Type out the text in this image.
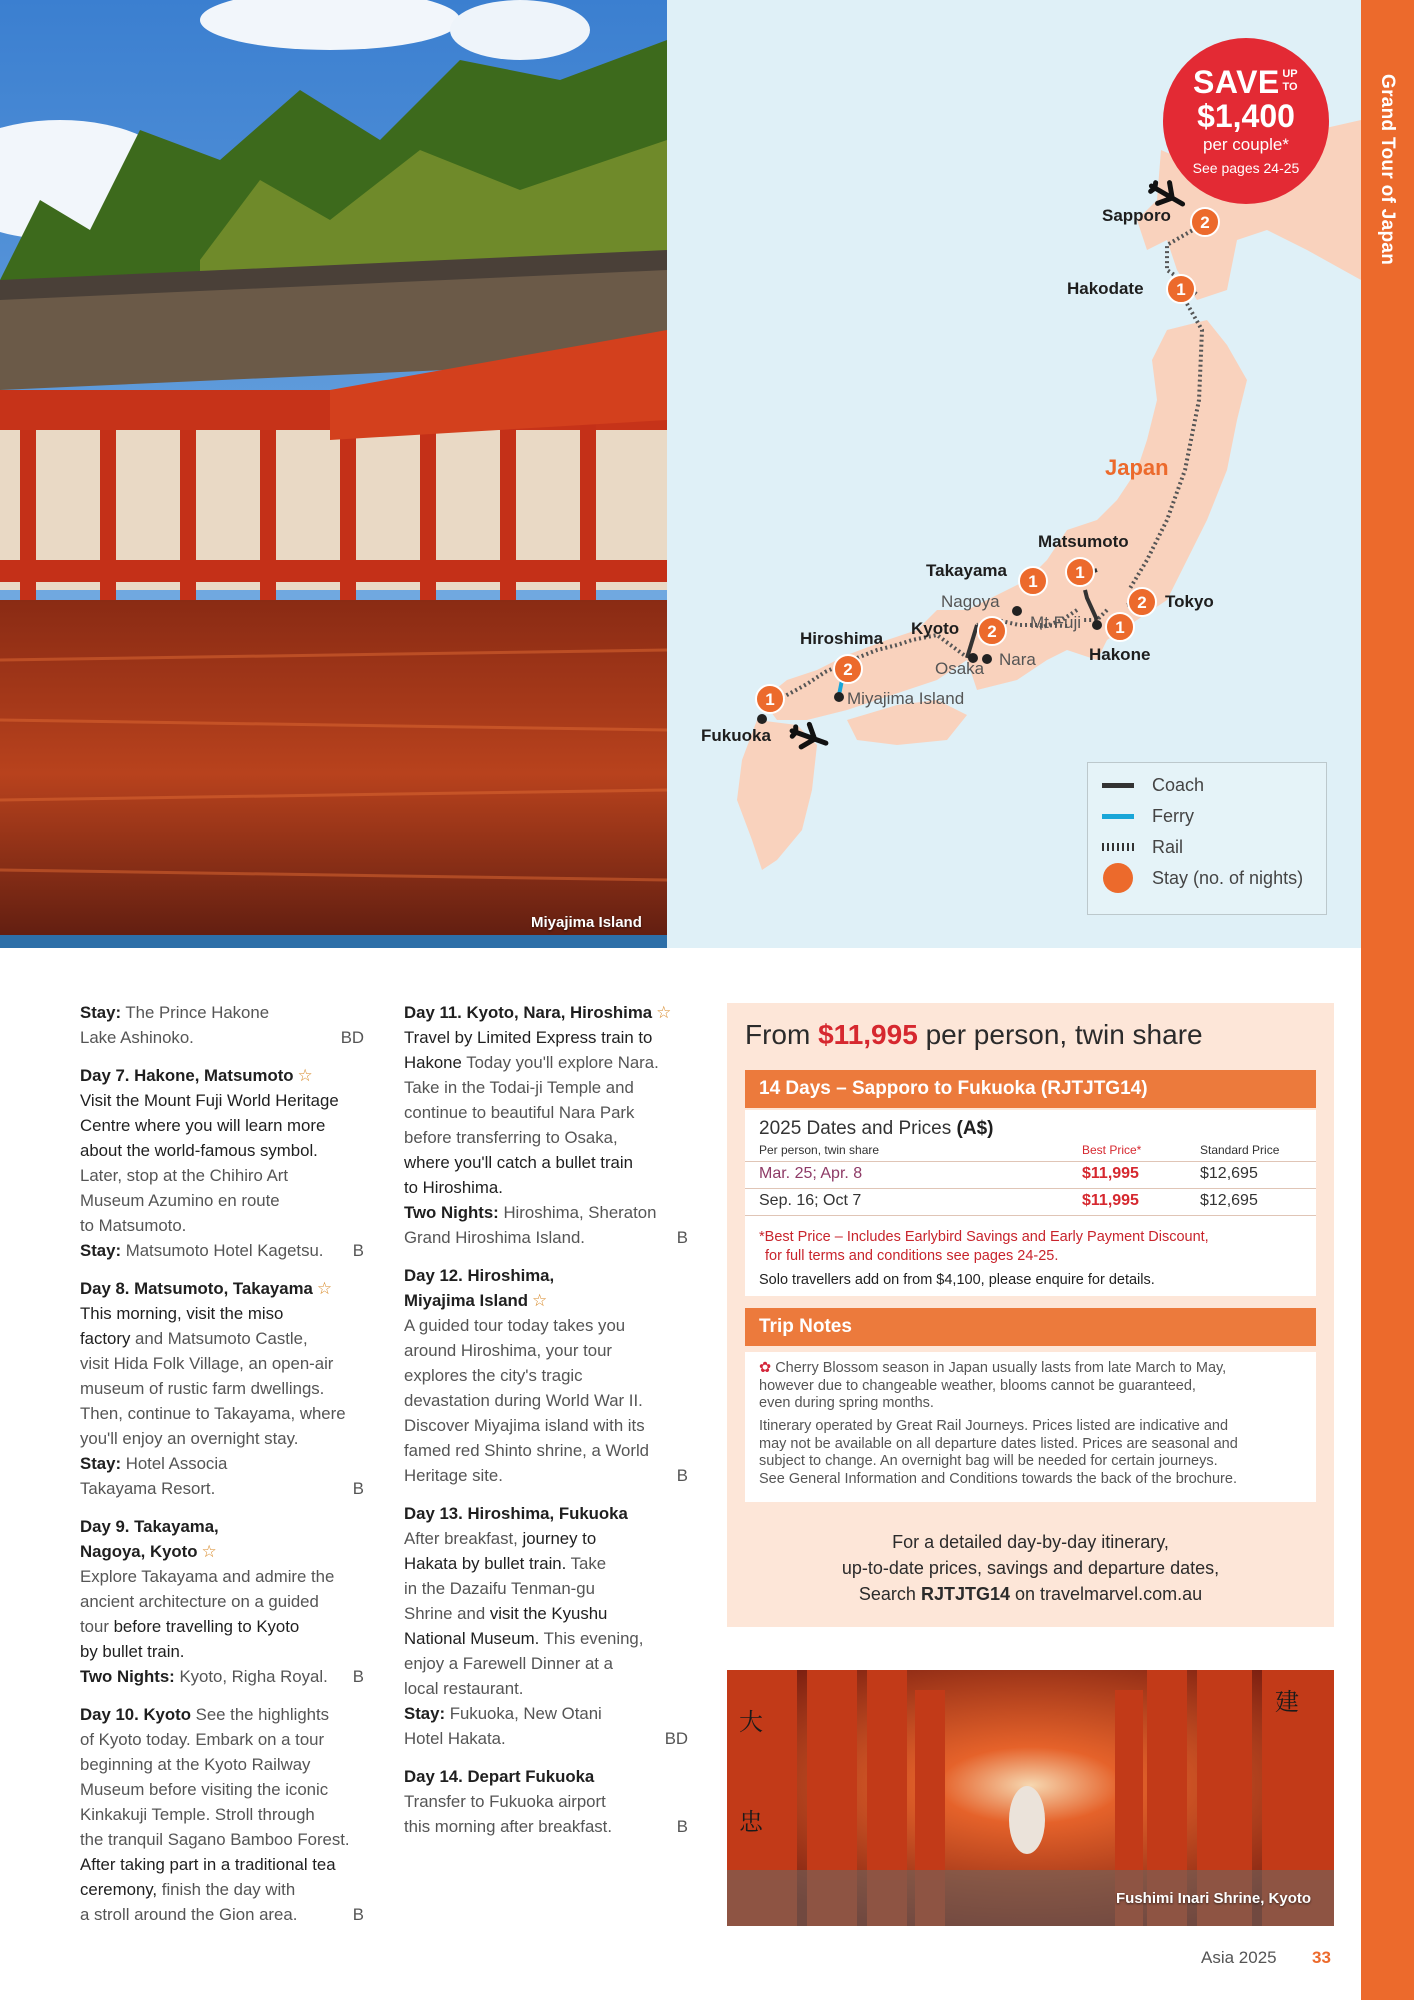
Grand Tour of Japan
Miyajima Island
SAVE UP TO
$1,400
per couple*
See pages 24-25
Japan
Sapporo
Hakodate
Matsumoto
Takayama
Nagoya
Mt Fuji
Tokyo
Hiroshima
Kyoto
Osaka Nara	Hakone
Miyajima Island
Fukuoka
2
1
1
1
2
1
2
2
1
Coach
Ferry
Rail
Stay (no. of nights)

Stay: The Prince Hakone
Lake Ashinoko.	BD

Day 7. Hakone, Matsumoto ☆
Visit the Mount Fuji World Heritage
Centre where you will learn more
about the world-famous symbol.
Later, stop at the Chihiro Art
Museum Azumino en route
to Matsumoto.
Stay: Matsumoto Hotel Kagetsu. B

Day 8. Matsumoto, Takayama ☆
This morning, visit the miso
factory and Matsumoto Castle,
visit Hida Folk Village, an open-air
museum of rustic farm dwellings.
Then, continue to Takayama, where
you'll enjoy an overnight stay.
Stay: Hotel Associa
Takayama Resort.	B

Day 9. Takayama,
Nagoya, Kyoto ☆
Explore Takayama and admire the
ancient architecture on a guided
tour before travelling to Kyoto
by bullet train.
Two Nights: Kyoto, Righa Royal. B

Day 10. Kyoto See the highlights
of Kyoto today. Embark on a tour
beginning at the Kyoto Railway
Museum before visiting the iconic
Kinkakuji Temple. Stroll through
the tranquil Sagano Bamboo Forest.
After taking part in a traditional tea
ceremony, finish the day with
a stroll around the Gion area.	B

Day 11. Kyoto, Nara, Hiroshima ☆
Travel by Limited Express train to
Hakone Today you'll explore Nara.
Take in the Todai-ji Temple and
continue to beautiful Nara Park
before transferring to Osaka,
where you'll catch a bullet train
to Hiroshima.
Two Nights: Hiroshima, Sheraton
Grand Hiroshima Island.	B

Day 12. Hiroshima,
Miyajima Island ☆
A guided tour today takes you
around Hiroshima, your tour
explores the city's tragic
devastation during World War II.
Discover Miyajima island with its
famed red Shinto shrine, a World
Heritage site.	B

Day 13. Hiroshima, Fukuoka
After breakfast, journey to
Hakata by bullet train. Take
in the Dazaifu Tenman-gu
Shrine and visit the Kyushu
National Museum. This evening,
enjoy a Farewell Dinner at a
local restaurant.
Stay: Fukuoka, New Otani
Hotel Hakata.	BD

Day 14. Depart Fukuoka
Transfer to Fukuoka airport
this morning after breakfast.	B

From $11,995 per person, twin share
14 Days – Sapporo to Fukuoka (RJTJTG14)
2025 Dates and Prices (A$)
Per person, twin share	Best Price*	Standard Price
Mar. 25; Apr. 8	$11,995	$12,695
Sep. 16; Oct 7	$11,995	$12,695
*Best Price – Includes Earlybird Savings and Early Payment Discount,
for full terms and conditions see pages 24-25.
Solo travellers add on from $4,100, please enquire for details.
Trip Notes

✿ Cherry Blossom season in Japan usually lasts from late March to May,
however due to changeable weather, blooms cannot be guaranteed,
even during spring months.

Itinerary operated by Great Rail Journeys. Prices listed are indicative and
may not be available on all departure dates listed. Prices are seasonal and
subject to change. An overnight bag will be needed for certain journeys.
See General Information and Conditions towards the back of the brochure.

For a detailed day-by-day itinerary,
up-to-date prices, savings and departure dates,
Search RJTJTG14 on travelmarvel.com.au
大
忠
建
Fushimi Inari Shrine, Kyoto
Asia 2025 33
